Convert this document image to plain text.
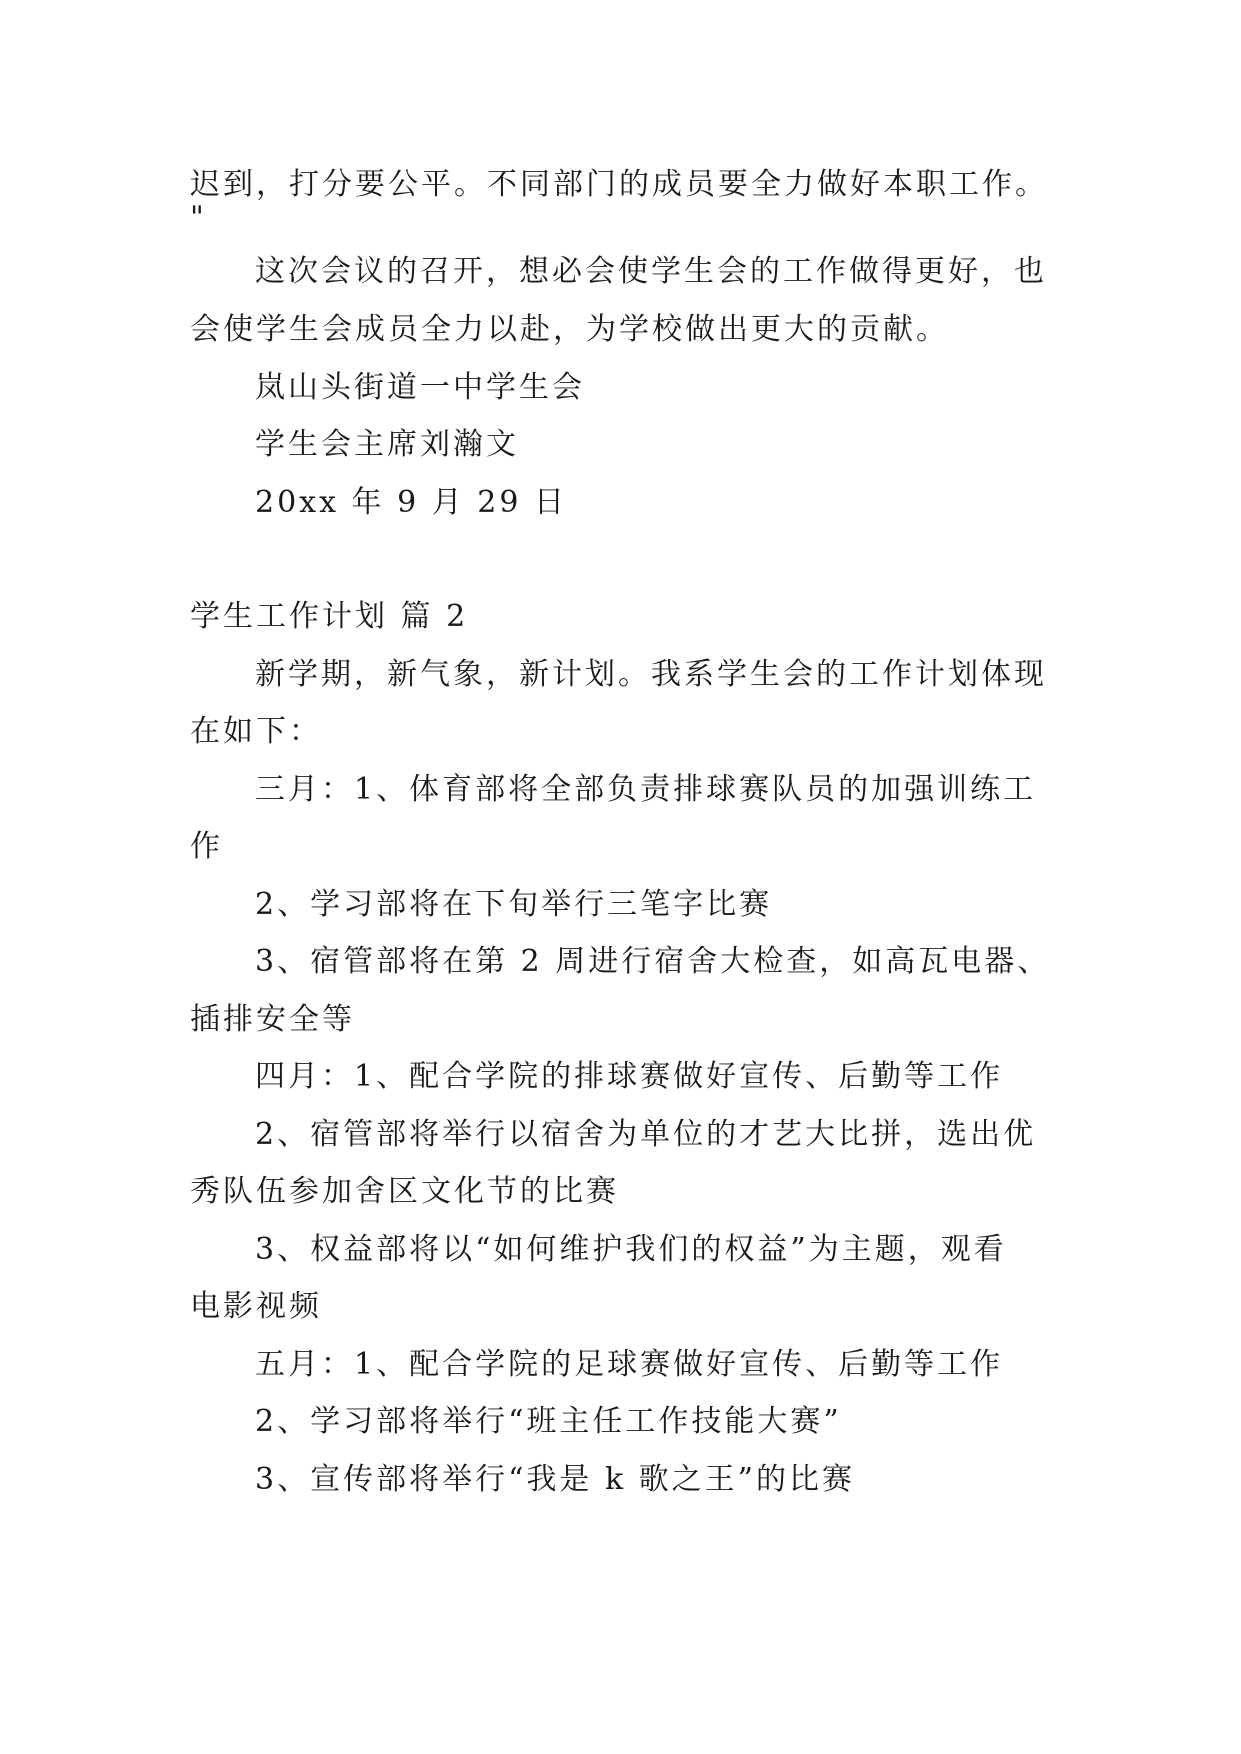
迟到，打分要公平。不同部门的成员要全力做好本职工作。
"
这次会议的召开，想必会使学生会的工作做得更好，也
会使学生会成员全力以赴，为学校做出更大的贡献。
岚山头街道一中学生会
学生会主席刘瀚文
20xx 年 9 月 29 日
学生工作计划 篇 2
新学期，新气象，新计划。我系学生会的工作计划体现
在如下：
三月：1、体育部将全部负责排球赛队员的加强训练工
作
2、学习部将在下旬举行三笔字比赛
3、宿管部将在第 2 周进行宿舍大检查，如高瓦电器、
插排安全等
四月：1、配合学院的排球赛做好宣传、后勤等工作
2、宿管部将举行以宿舍为单位的才艺大比拼，选出优
秀队伍参加舍区文化节的比赛
3、权益部将以“如何维护我们的权益”为主题，观看
电影视频
五月：1、配合学院的足球赛做好宣传、后勤等工作
2、学习部将举行“班主任工作技能大赛”
3、宣传部将举行“我是 k 歌之王”的比赛
